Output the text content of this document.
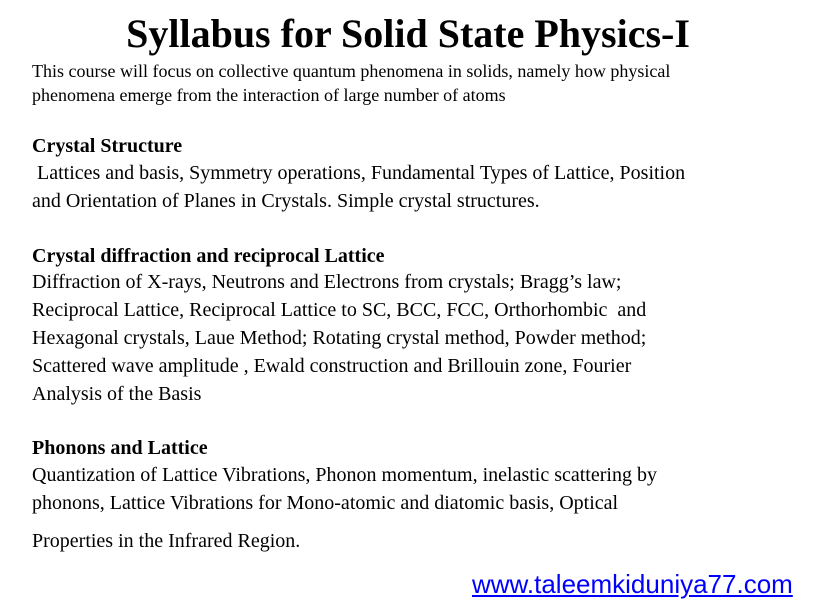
Syllabus for Solid State Physics-I

This course will focus on collective quantum phenomena in solids, namely how physical
phenomena emerge from the interaction of large number of atoms

Crystal Structure

Lattices and basis, Symmetry operations, Fundamental Types of Lattice, Position
and Orientation of Planes in Crystals. Simple crystal structures.

Crystal diffraction and reciprocal Lattice

Diffraction of X-rays, Neutrons and Electrons from crystals; Bragg’s law;
Reciprocal Lattice, Reciprocal Lattice to SC, BCC, FCC, Orthorhombic  and
Hexagonal crystals, Laue Method; Rotating crystal method, Powder method;
Scattered wave amplitude , Ewald construction and Brillouin zone, Fourier
Analysis of the Basis

Phonons and Lattice

Quantization of Lattice Vibrations, Phonon momentum, inelastic scattering by
phonons, Lattice Vibrations for Mono-atomic and diatomic basis, Optical
Properties in the Infrared Region.

www.taleemkiduniya77.com
